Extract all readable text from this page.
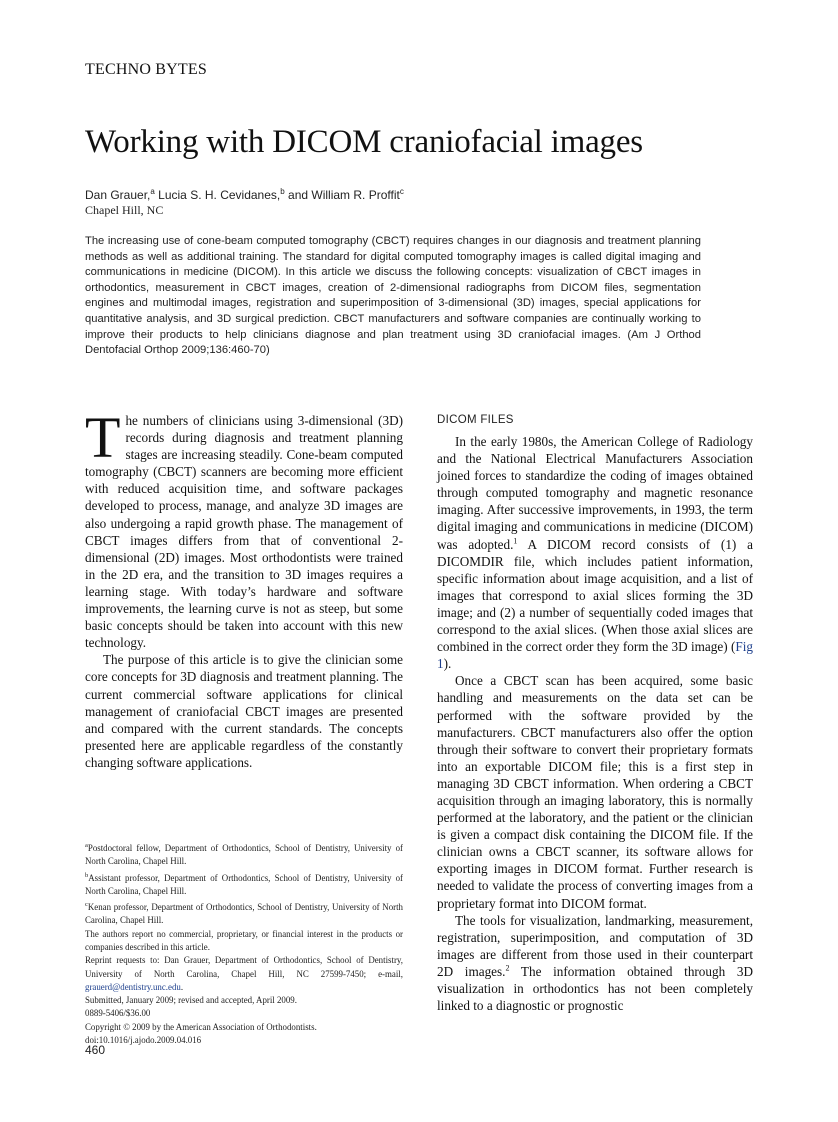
TECHNO BYTES
Working with DICOM craniofacial images
Dan Grauer,$^a$ Lucia S. H. Cevidanes,$^b$ and William R. Proffit$^c$
Chapel Hill, NC

The increasing use of cone-beam computed tomography (CBCT) requires changes in our diagnosis and treatment planning methods as well as additional training. The standard for digital computed tomography images is called digital imaging and communications in medicine (DICOM). In this article we discuss the following concepts: visualization of CBCT images in orthodontics, measurement in CBCT images, creation of 2-dimensional radiographs from DICOM files, segmentation engines and multimodal images, registration and superimposition of 3-dimensional (3D) images, special applications for quantitative analysis, and 3D surgical prediction. CBCT manufacturers and software companies are continually working to improve their products to help clinicians diagnose and plan treatment using 3D craniofacial images. (Am J Orthod Dentofacial Orthop 2009;136:460-70)

The numbers of clinicians using 3-dimensional (3D) records during diagnosis and treatment planning stages are increasing steadily. Cone-beam computed tomography (CBCT) scanners are becoming more efficient with reduced acquisition time, and software packages developed to process, manage, and analyze 3D images are also undergoing a rapid growth phase. The management of CBCT images differs from that of conventional 2-dimensional (2D) images. Most orthodontists were trained in the 2D era, and the transition to 3D images requires a learning stage. With today’s hardware and software improvements, the learning curve is not as steep, but some basic concepts should be taken into account with this new technology.

The purpose of this article is to give the clinician some core concepts for 3D diagnosis and treatment planning. The current commercial software applications for clinical management of craniofacial CBCT images are presented and compared with the current standards. The concepts presented here are applicable regardless of the constantly changing software applications.

DICOM FILES

In the early 1980s, the American College of Radiology and the National Electrical Manufacturers Association joined forces to standardize the coding of images obtained through computed tomography and magnetic resonance imaging. After successive improvements, in 1993, the term digital imaging and communications in medicine (DICOM) was adopted.$^1$ A DICOM record consists of (1) a DICOMDIR file, which includes patient information, specific information about image acquisition, and a list of images that correspond to axial slices forming the 3D image; and (2) a number of sequentially coded images that correspond to the axial slices. (When those axial slices are combined in the correct order they form the 3D image) (Fig 1).

Once a CBCT scan has been acquired, some basic handling and measurements on the data set can be performed with the software provided by the manufacturers. CBCT manufacturers also offer the option through their software to convert their proprietary formats into an exportable DICOM file; this is a first step in managing 3D CBCT information. When ordering a CBCT acquisition through an imaging laboratory, this is normally performed at the laboratory, and the patient or the clinician is given a compact disk containing the DICOM file. If the clinician owns a CBCT scanner, its software allows for exporting images in DICOM format. Further research is needed to validate the process of converting images from a proprietary format into DICOM format.

The tools for visualization, landmarking, measurement, registration, superimposition, and computation of 3D images are different from those used in their counterpart 2D images.$^2$ The information obtained through 3D visualization in orthodontics has not been completely linked to a diagnostic or prognostic

$^a$Postdoctoral fellow, Department of Orthodontics, School of Dentistry, University of North Carolina, Chapel Hill.

$^b$Assistant professor, Department of Orthodontics, School of Dentistry, University of North Carolina, Chapel Hill.

$^c$Kenan professor, Department of Orthodontics, School of Dentistry, University of North Carolina, Chapel Hill.

The authors report no commercial, proprietary, or financial interest in the products or companies described in this article.

Reprint requests to: Dan Grauer, Department of Orthodontics, School of Dentistry, University of North Carolina, Chapel Hill, NC 27599-7450; e-mail, grauerd@dentistry.unc.edu.

Submitted, January 2009; revised and accepted, April 2009.

0889-5406/$36.00

Copyright © 2009 by the American Association of Orthodontists.

doi:10.1016/j.ajodo.2009.04.016

460
